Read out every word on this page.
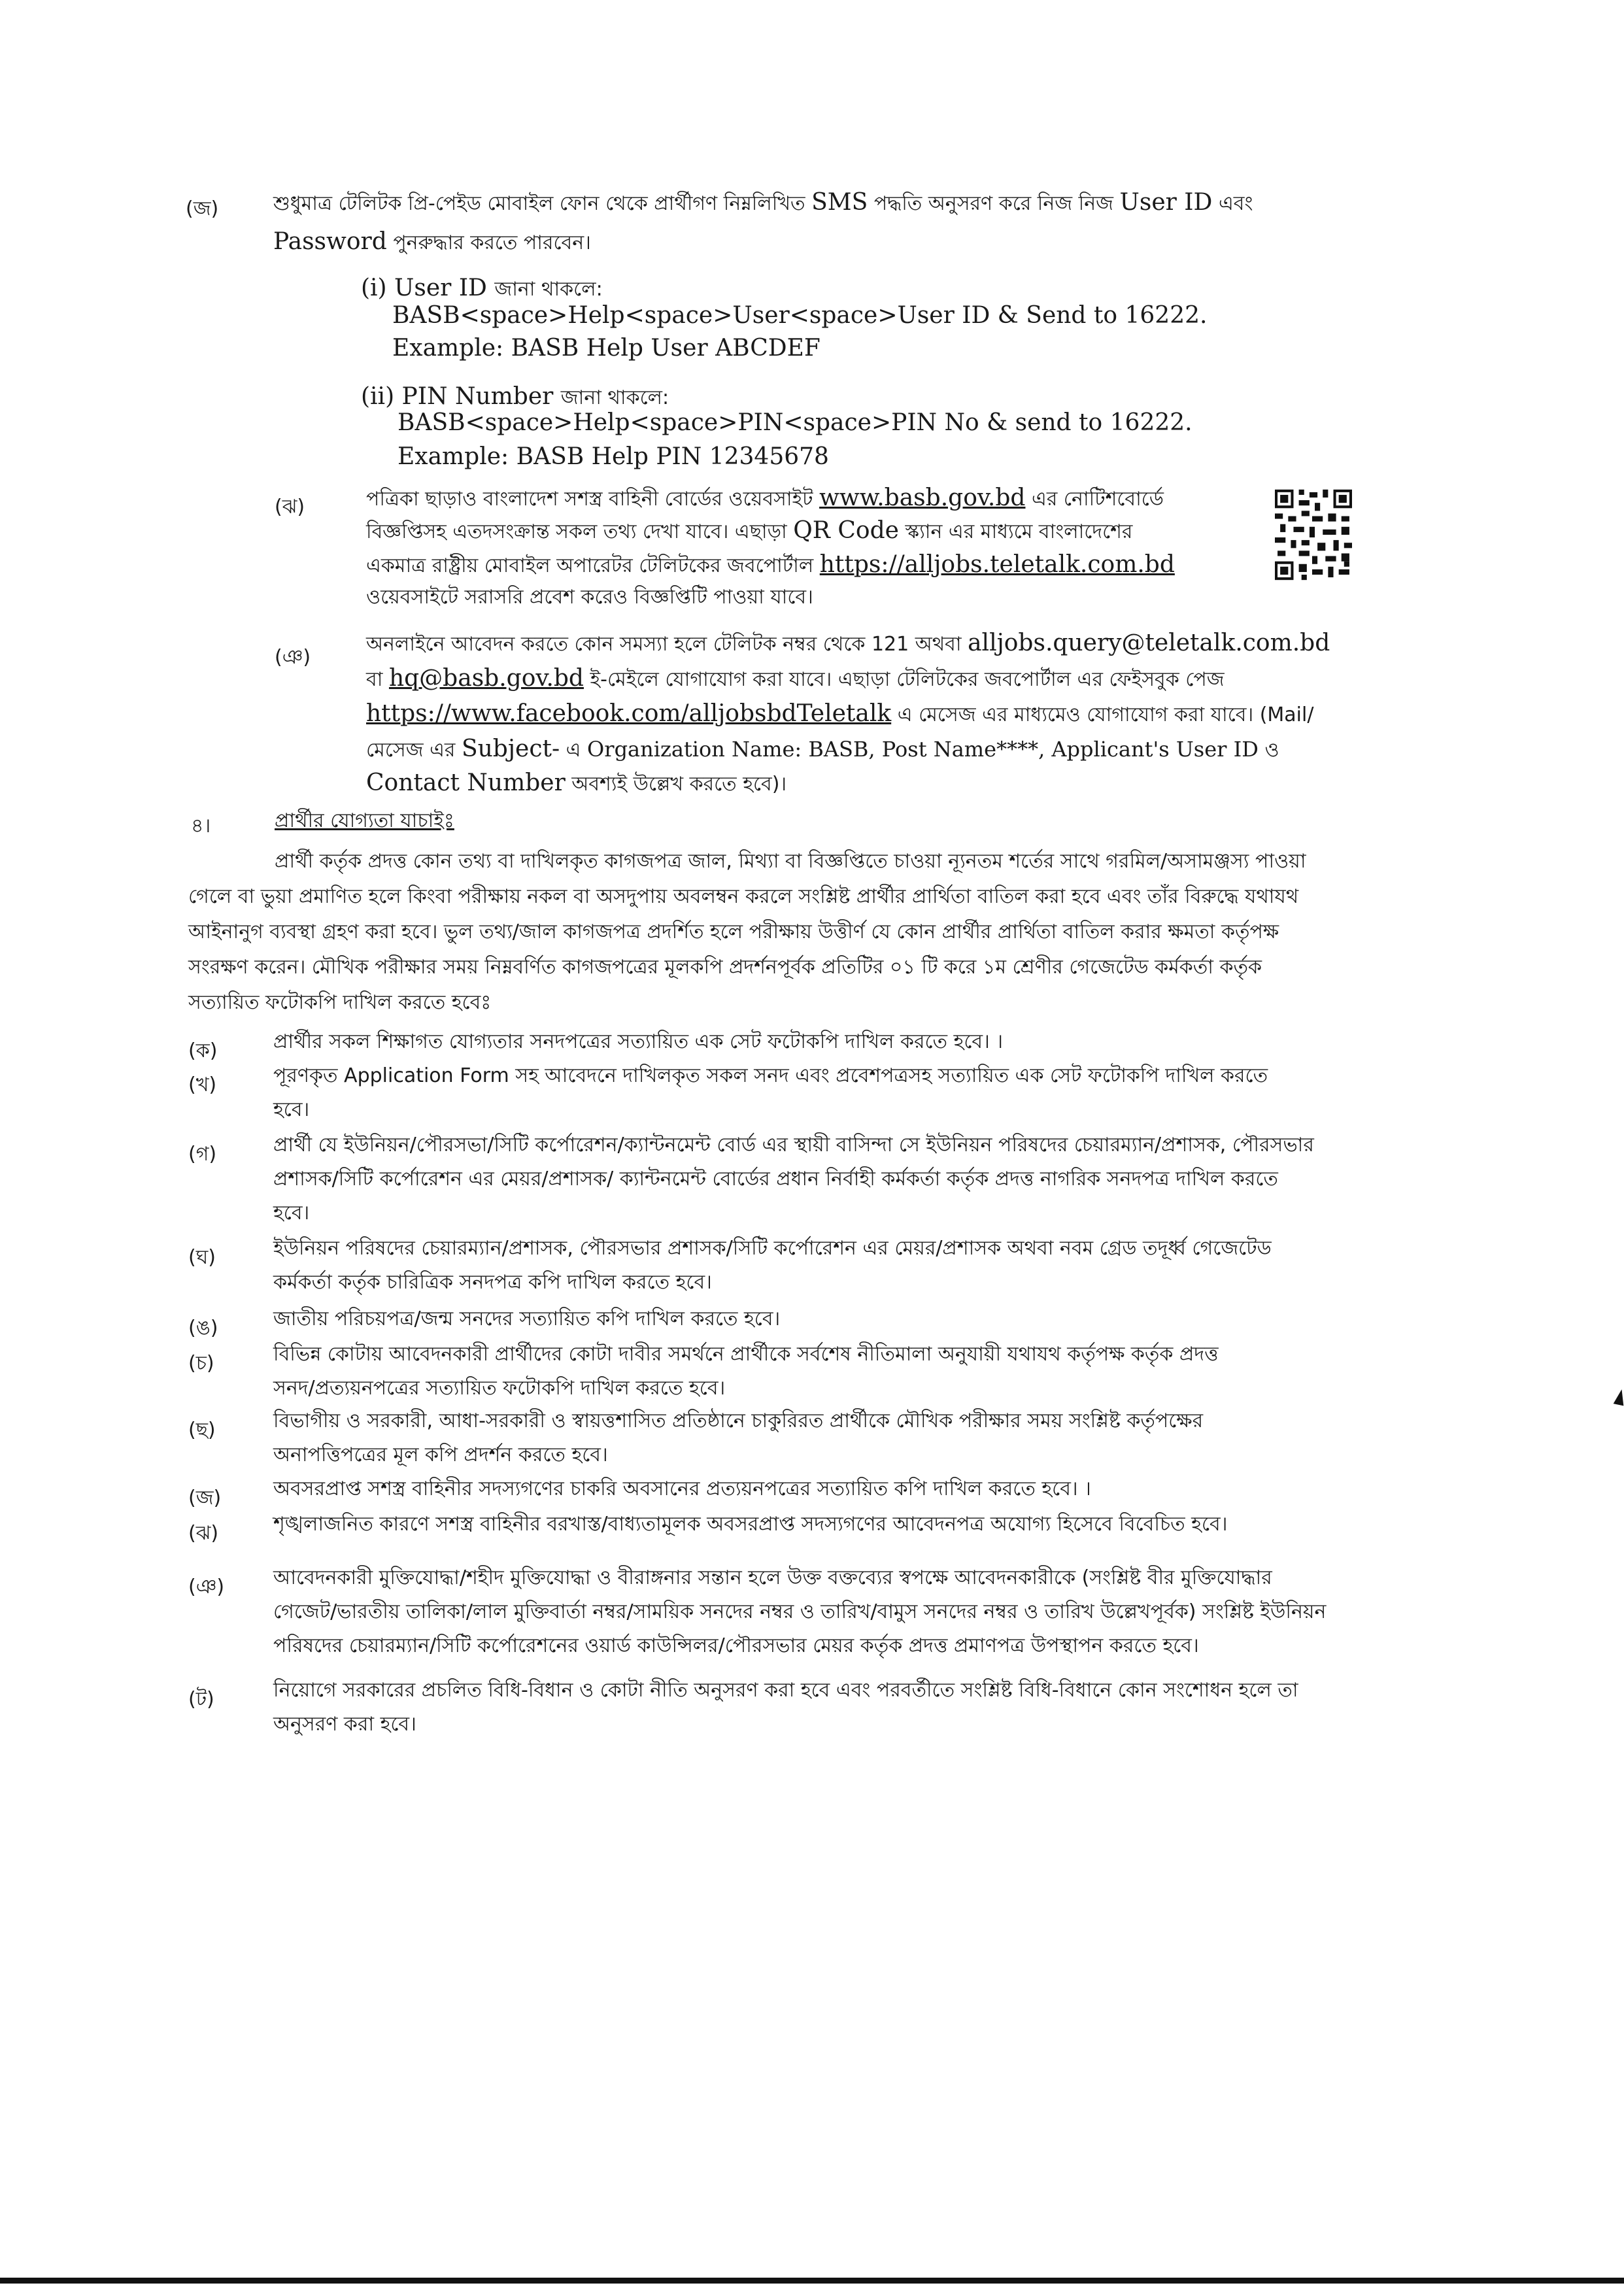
(জ)	শুধুমাত্র টেলিটক প্রি-পেইড মোবাইল ফোন থেকে প্রার্থীগণ নিম্নলিখিত SMS পদ্ধতি অনুসরণ করে নিজ নিজ User ID এবং
Password পুনরুদ্ধার করতে পারবেন।
(i) User ID জানা থাকলে:
BASB<space>Help<space>User<space>User ID & Send to 16222.
Example: BASB Help User ABCDEF
(ii) PIN Number জানা থাকলে:
BASB<space>Help<space>PIN<space>PIN No & send to 16222.
Example: BASB Help PIN 12345678
(ঝ)	পত্রিকা ছাড়াও বাংলাদেশ সশস্ত্র বাহিনী বোর্ডের ওয়েবসাইট www.basb.gov.bd এর নোটিশবোর্ডে
বিজ্ঞপ্তিসহ এতদসংক্রান্ত সকল তথ্য দেখা যাবে। এছাড়া QR Code স্ক্যান এর মাধ্যমে বাংলাদেশের
একমাত্র রাষ্ট্রীয় মোবাইল অপারেটর টেলিটকের জবপোর্টাল https://alljobs.teletalk.com.bd
ওয়েবসাইটে সরাসরি প্রবেশ করেও বিজ্ঞপ্তিটি পাওয়া যাবে।
(ঞ)
অনলাইনে আবেদন করতে কোন সমস্যা হলে টেলিটক নম্বর থেকে 121 অথবা alljobs.query@teletalk.com.bd
বা hq@basb.gov.bd ই-মেইলে যোগাযোগ করা যাবে। এছাড়া টেলিটকের জবপোর্টাল এর ফেইসবুক পেজ
https://www.facebook.com/alljobsbdTeletalk এ মেসেজ এর মাধ্যমেও যোগাযোগ করা যাবে। (Mail/
মেসেজ এর Subject- এ Organization Name: BASB, Post Name****, Applicant's User ID ও
Contact Number অবশ্যই উল্লেখ করতে হবে)।
৪।	প্রার্থীর যোগ্যতা যাচাইঃ
প্রার্থী কর্তৃক প্রদত্ত কোন তথ্য বা দাখিলকৃত কাগজপত্র জাল, মিথ্যা বা বিজ্ঞপ্তিতে চাওয়া ন্যূনতম শর্তের সাথে গরমিল/অসামঞ্জস্য পাওয়া
গেলে বা ভুয়া প্রমাণিত হলে কিংবা পরীক্ষায় নকল বা অসদুপায় অবলম্বন করলে সংশ্লিষ্ট প্রার্থীর প্রার্থিতা বাতিল করা হবে এবং তাঁর বিরুদ্ধে যথাযথ
আইনানুগ ব্যবস্থা গ্রহণ করা হবে। ভুল তথ্য/জাল কাগজপত্র প্রদর্শিত হলে পরীক্ষায় উত্তীর্ণ যে কোন প্রার্থীর প্রার্থিতা বাতিল করার ক্ষমতা কর্তৃপক্ষ
সংরক্ষণ করেন। মৌখিক পরীক্ষার সময় নিম্নবর্ণিত কাগজপত্রের মূলকপি প্রদর্শনপূর্বক প্রতিটির ০১ টি করে ১ম শ্রেণীর গেজেটেড কর্মকর্তা কর্তৃক
সত্যায়িত ফটোকপি দাখিল করতে হবেঃ
(ক)	প্রার্থীর সকল শিক্ষাগত যোগ্যতার সনদপত্রের সত্যায়িত এক সেট ফটোকপি দাখিল করতে হবে। ।
(খ)	পূরণকৃত Application Form সহ আবেদনে দাখিলকৃত সকল সনদ এবং প্রবেশপত্রসহ সত্যায়িত এক সেট ফটোকপি দাখিল করতে
হবে।
(গ)	প্রার্থী যে ইউনিয়ন/পৌরসভা/সিটি কর্পোরেশন/ক্যান্টনমেন্ট বোর্ড এর স্থায়ী বাসিন্দা সে ইউনিয়ন পরিষদের চেয়ারম্যান/প্রশাসক, পৌরসভার
প্রশাসক/সিটি কর্পোরেশন এর মেয়র/প্রশাসক/ ক্যান্টনমেন্ট বোর্ডের প্রধান নির্বাহী কর্মকর্তা কর্তৃক প্রদত্ত নাগরিক সনদপত্র দাখিল করতে
হবে।
(ঘ)	ইউনিয়ন পরিষদের চেয়ারম্যান/প্রশাসক, পৌরসভার প্রশাসক/সিটি কর্পোরেশন এর মেয়র/প্রশাসক অথবা নবম গ্রেড তদূর্ধ্ব গেজেটেড
কর্মকর্তা কর্তৃক চারিত্রিক সনদপত্র কপি দাখিল করতে হবে।
(ঙ)	জাতীয় পরিচয়পত্র/জন্ম সনদের সত্যায়িত কপি দাখিল করতে হবে।
(চ)	বিভিন্ন কোটায় আবেদনকারী প্রার্থীদের কোটা দাবীর সমর্থনে প্রার্থীকে সর্বশেষ নীতিমালা অনুযায়ী যথাযথ কর্তৃপক্ষ কর্তৃক প্রদত্ত
সনদ/প্রত্যয়নপত্রের সত্যায়িত ফটোকপি দাখিল করতে হবে।
(ছ)	বিভাগীয় ও সরকারী, আধা-সরকারী ও স্বায়ত্তশাসিত প্রতিষ্ঠানে চাকুরিরত প্রার্থীকে মৌখিক পরীক্ষার সময় সংশ্লিষ্ট কর্তৃপক্ষের
অনাপত্তিপত্রের মূল কপি প্রদর্শন করতে হবে।
(জ)	অবসরপ্রাপ্ত সশস্ত্র বাহিনীর সদস্যগণের চাকরি অবসানের প্রত্যয়নপত্রের সত্যায়িত কপি দাখিল করতে হবে। ।
(ঝ)	শৃঙ্খলাজনিত কারণে সশস্ত্র বাহিনীর বরখাস্ত/বাধ্যতামূলক অবসরপ্রাপ্ত সদস্যগণের আবেদনপত্র অযোগ্য হিসেবে বিবেচিত হবে।
(ঞ) আবেদনকারী মুক্তিযোদ্ধা/শহীদ মুক্তিযোদ্ধা ও বীরাঙ্গনার সন্তান হলে উক্ত বক্তব্যের স্বপক্ষে আবেদনকারীকে (সংশ্লিষ্ট বীর মুক্তিযোদ্ধার
গেজেট/ভারতীয় তালিকা/লাল মুক্তিবার্তা নম্বর/সাময়িক সনদের নম্বর ও তারিখ/বামুস সনদের নম্বর ও তারিখ উল্লেখপূর্বক) সংশ্লিষ্ট ইউনিয়ন
পরিষদের চেয়ারম্যান/সিটি কর্পোরেশনের ওয়ার্ড কাউন্সিলর/পৌরসভার মেয়র কর্তৃক প্রদত্ত প্রমাণপত্র উপস্থাপন করতে হবে।
(ট)	নিয়োগে সরকারের প্রচলিত বিধি-বিধান ও কোটা নীতি অনুসরণ করা হবে এবং পরবর্তীতে সংশ্লিষ্ট বিধি-বিধানে কোন সংশোধন হলে তা
অনুসরণ করা হবে।
